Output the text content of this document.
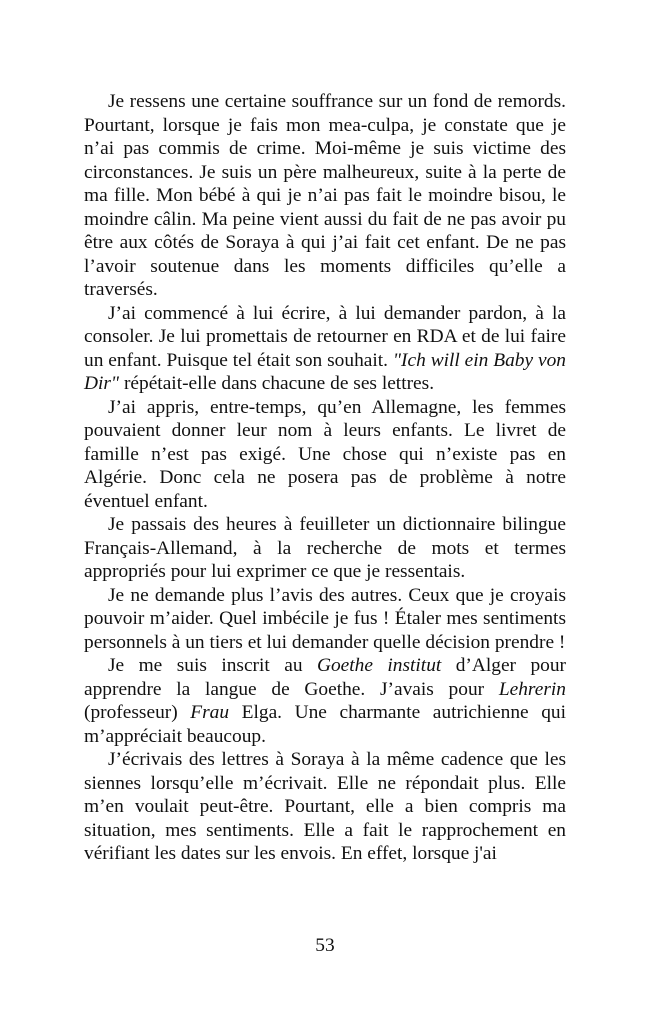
Je ressens une certaine souffrance sur un fond de remords. Pourtant, lorsque je fais mon mea-culpa, je constate que je n’ai pas commis de crime. Moi-même je suis victime des circonstances. Je suis un père malheureux, suite à la perte de ma fille. Mon bébé à qui je n’ai pas fait le moindre bisou, le moindre câlin. Ma peine vient aussi du fait de ne pas avoir pu être aux côtés de Soraya à qui j’ai fait cet enfant. De ne pas l’avoir soutenue dans les moments difficiles qu’elle a traversés.

J’ai commencé à lui écrire, à lui demander pardon, à la consoler. Je lui promettais de retourner en RDA et de lui faire un enfant. Puisque tel était son souhait. "Ich will ein Baby von Dir" répétait-elle dans chacune de ses lettres.

J’ai appris, entre-temps, qu’en Allemagne, les femmes pouvaient donner leur nom à leurs enfants. Le livret de famille n’est pas exigé. Une chose qui n’existe pas en Algérie. Donc cela ne posera pas de problème à notre éventuel enfant.

Je passais des heures à feuilleter un dictionnaire bilingue Français-Allemand, à la recherche de mots et termes appropriés pour lui exprimer ce que je ressentais.

Je ne demande plus l’avis des autres. Ceux que je croyais pouvoir m’aider. Quel imbécile je fus ! Étaler mes sentiments personnels à un tiers et lui demander quelle décision prendre !

Je me suis inscrit au Goethe institut d’Alger pour apprendre la langue de Goethe. J’avais pour Lehrerin (professeur) Frau Elga. Une charmante autrichienne qui m’appréciait beaucoup.

J’écrivais des lettres à Soraya à la même cadence que les siennes lorsqu’elle m’écrivait. Elle ne répondait plus. Elle m’en voulait peut-être. Pourtant, elle a bien compris ma situation, mes sentiments. Elle a fait le rapprochement en vérifiant les dates sur les envois. En effet, lorsque j'ai

53
